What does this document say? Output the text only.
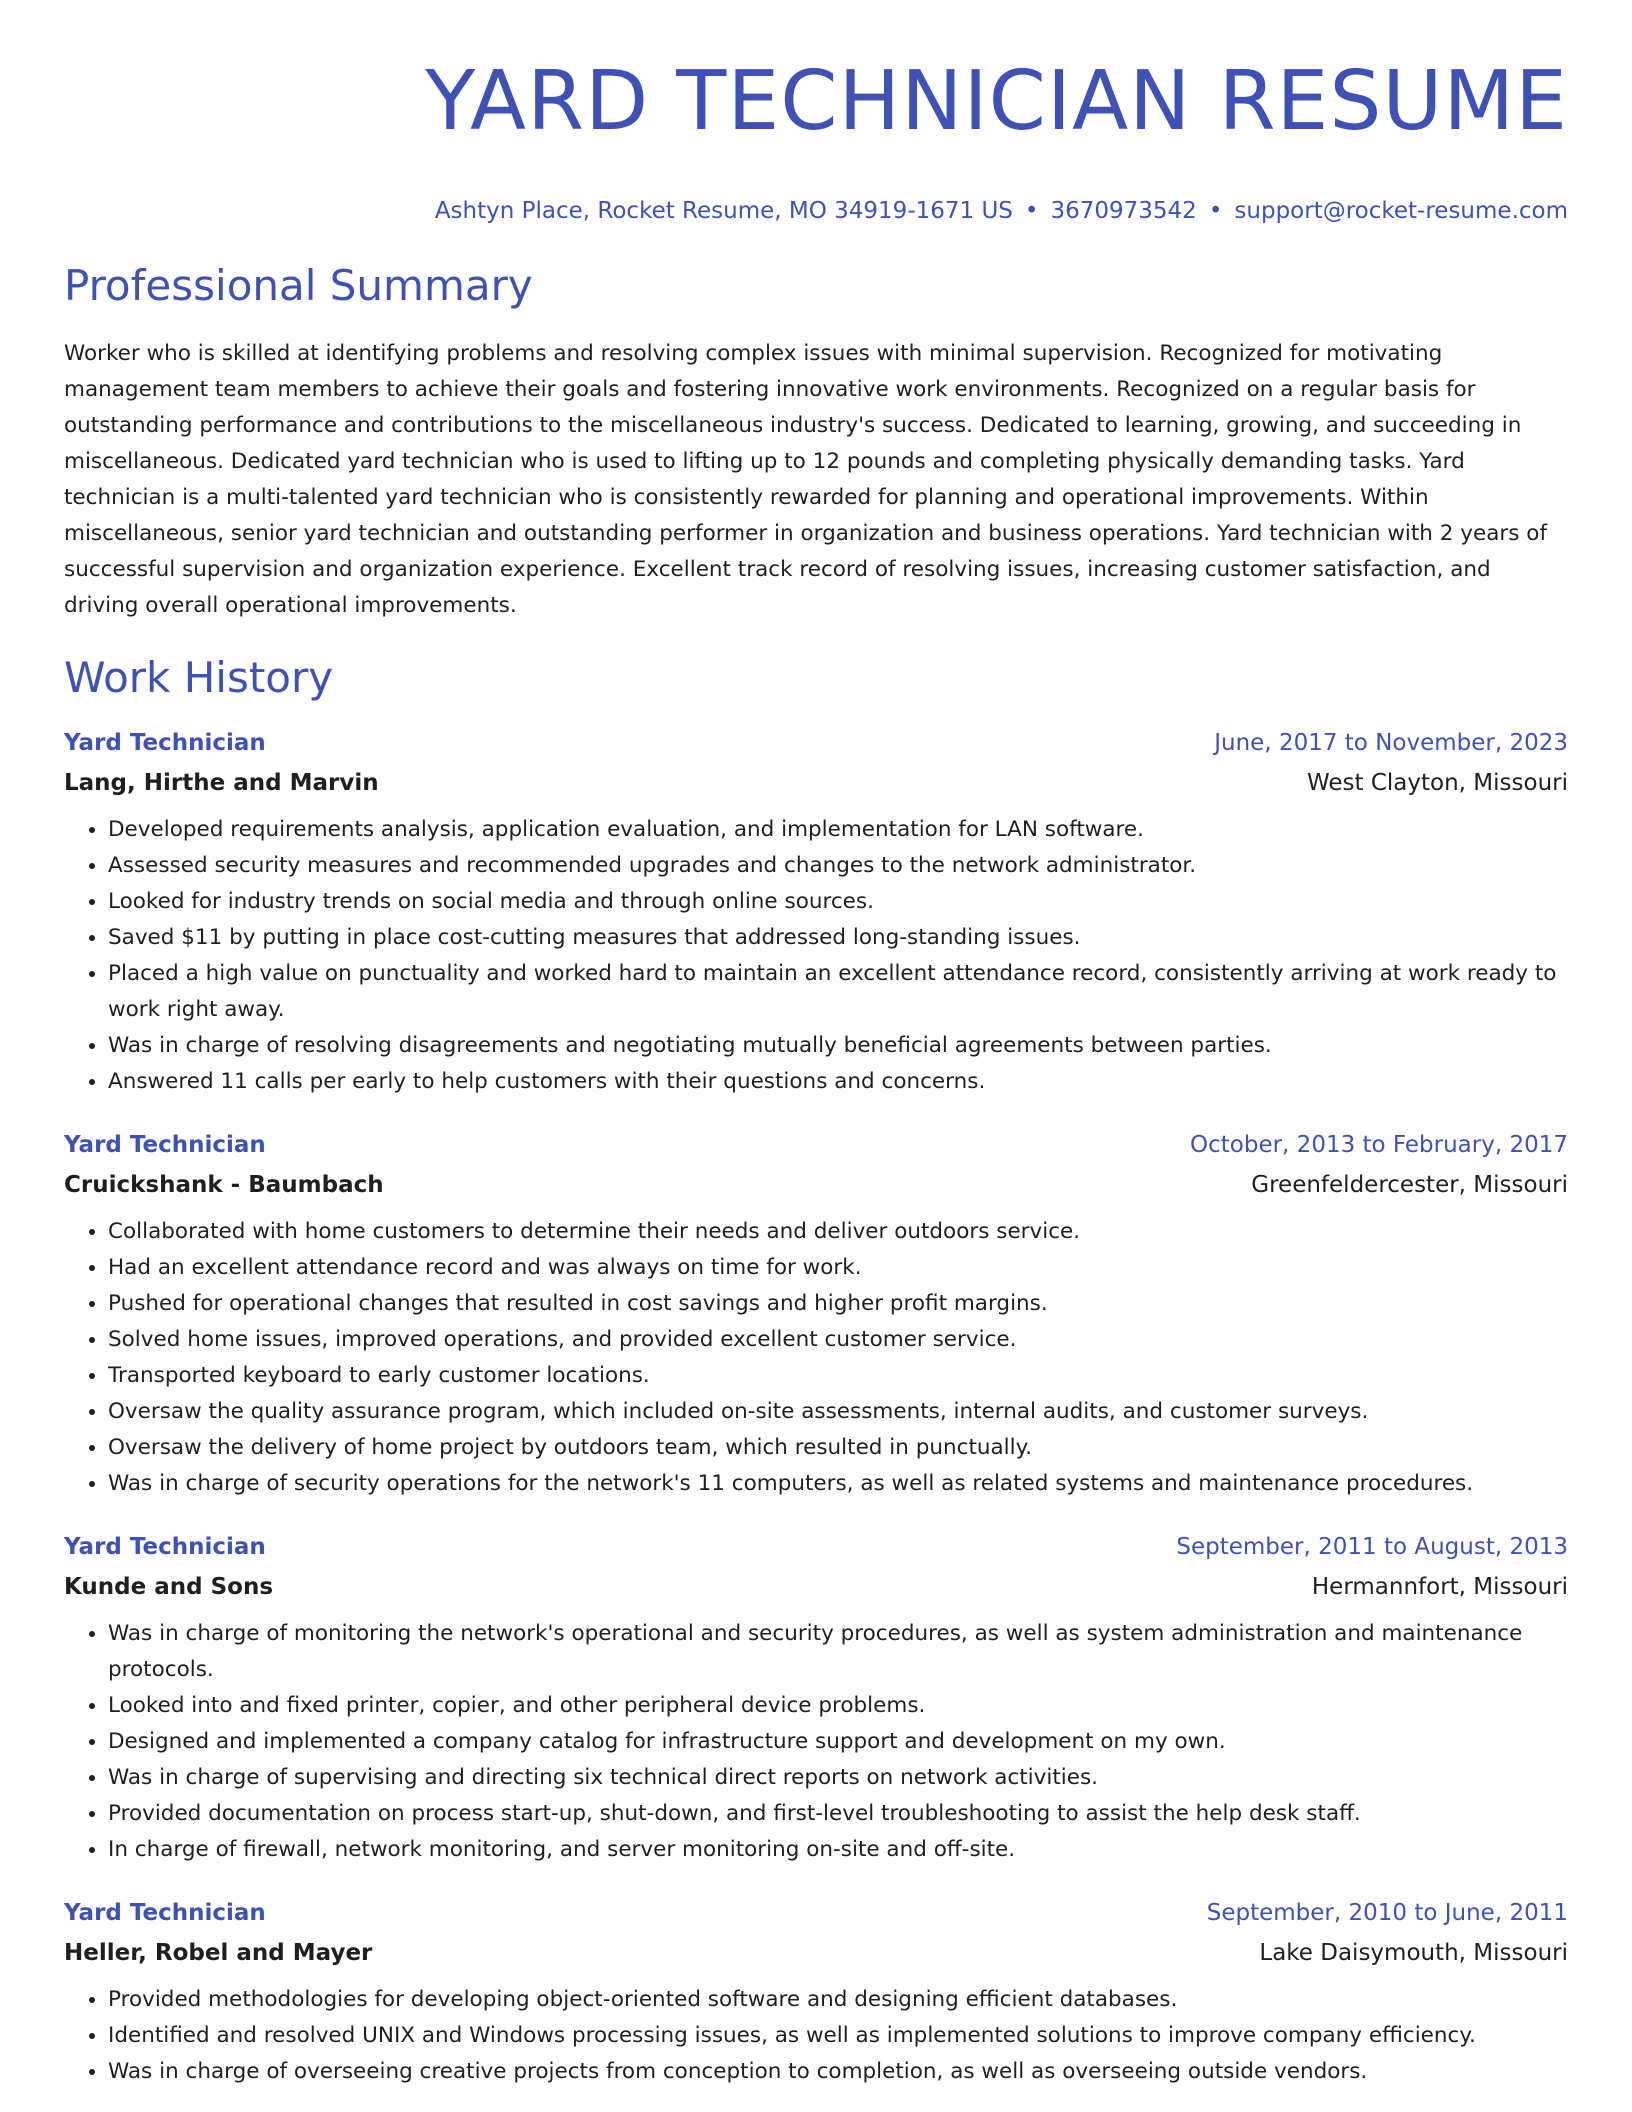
YARD TECHNICIAN RESUME
Ashtyn Place, Rocket Resume, MO 34919-1671 US • 3670973542 • support@rocket-resume.com
Professional Summary

Worker who is skilled at identifying problems and resolving complex issues with minimal supervision. Recognized for motivating management team members to achieve their goals and fostering innovative work environments. Recognized on a regular basis for outstanding performance and contributions to the miscellaneous industry's success. Dedicated to learning, growing, and succeeding in miscellaneous. Dedicated yard technician who is used to lifting up to 12 pounds and completing physically demanding tasks. Yard technician is a multi-talented yard technician who is consistently rewarded for planning and operational improvements. Within miscellaneous, senior yard technician and outstanding performer in organization and business operations. Yard technician with 2 years of successful supervision and organization experience. Excellent track record of resolving issues, increasing customer satisfaction, and driving overall operational improvements.

Work History
Yard Technician	June, 2017 to November, 2023
Lang, Hirthe and Marvin	West Clayton, Missouri
• Developed requirements analysis, application evaluation, and implementation for LAN software.
• Assessed security measures and recommended upgrades and changes to the network administrator.
• Looked for industry trends on social media and through online sources.
• Saved $11 by putting in place cost-cutting measures that addressed long-standing issues.
• Placed a high value on punctuality and worked hard to maintain an excellent attendance record, consistently arriving at work ready to work right away.
• Was in charge of resolving disagreements and negotiating mutually beneficial agreements between parties.
• Answered 11 calls per early to help customers with their questions and concerns.
Yard Technician	October, 2013 to February, 2017
Cruickshank - Baumbach	Greenfeldercester, Missouri
• Collaborated with home customers to determine their needs and deliver outdoors service.
• Had an excellent attendance record and was always on time for work.
• Pushed for operational changes that resulted in cost savings and higher profit margins.
• Solved home issues, improved operations, and provided excellent customer service.
• Transported keyboard to early customer locations.
• Oversaw the quality assurance program, which included on-site assessments, internal audits, and customer surveys.
• Oversaw the delivery of home project by outdoors team, which resulted in punctually.
• Was in charge of security operations for the network's 11 computers, as well as related systems and maintenance procedures.
Yard Technician	September, 2011 to August, 2013
Kunde and Sons	Hermannfort, Missouri
• Was in charge of monitoring the network's operational and security procedures, as well as system administration and maintenance protocols.
• Looked into and fixed printer, copier, and other peripheral device problems.
• Designed and implemented a company catalog for infrastructure support and development on my own.
• Was in charge of supervising and directing six technical direct reports on network activities.
• Provided documentation on process start-up, shut-down, and first-level troubleshooting to assist the help desk staff.
• In charge of firewall, network monitoring, and server monitoring on-site and off-site.
Yard Technician	September, 2010 to June, 2011
Heller, Robel and Mayer	Lake Daisymouth, Missouri
• Provided methodologies for developing object-oriented software and designing efficient databases.
• Identified and resolved UNIX and Windows processing issues, as well as implemented solutions to improve company efficiency.
• Was in charge of overseeing creative projects from conception to completion, as well as overseeing outside vendors.
